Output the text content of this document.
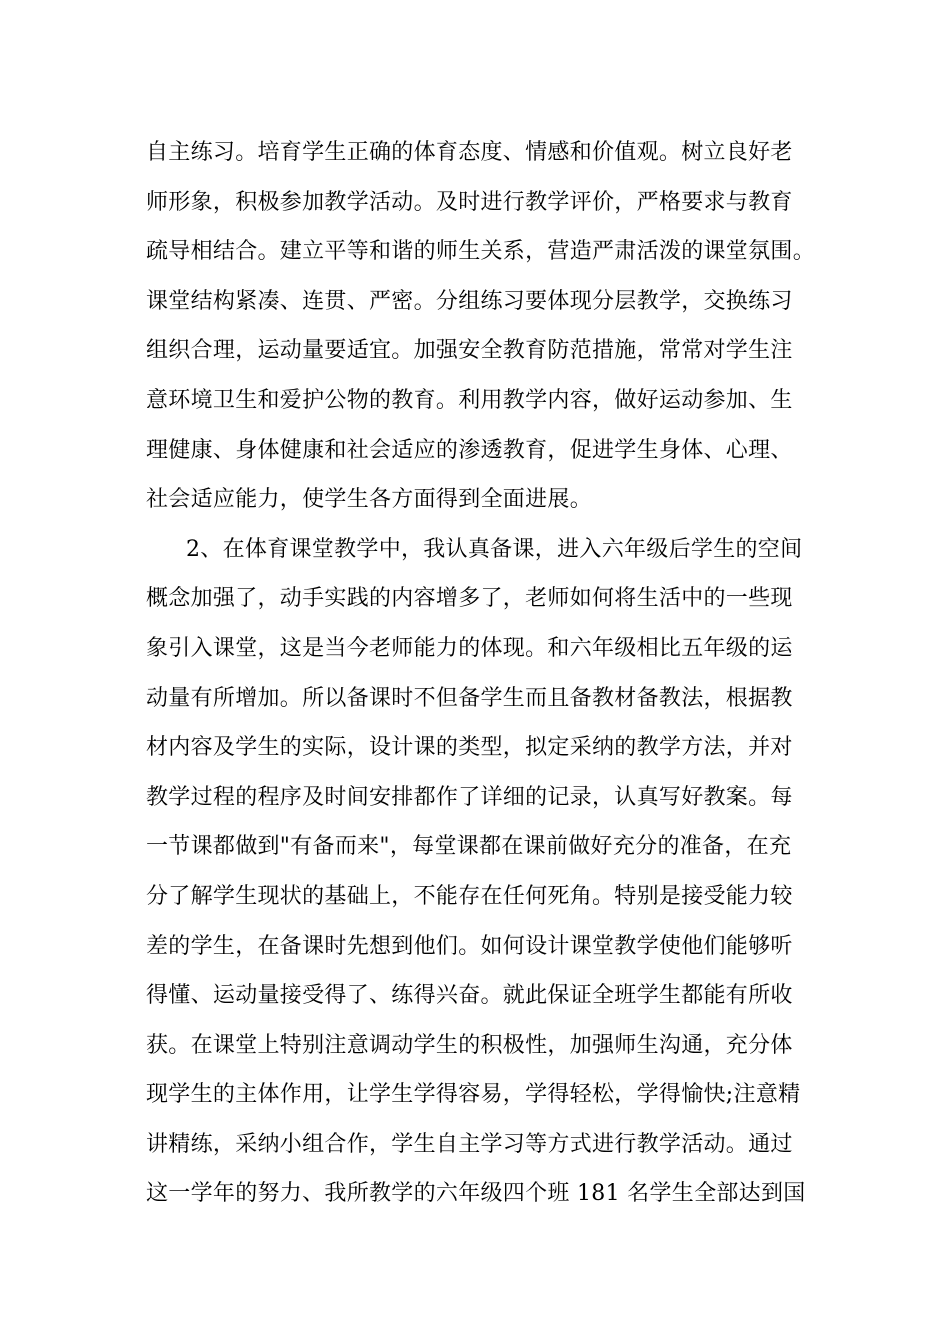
自主练习。培育学生正确的体育态度、情感和价值观。树立良好老
师形象，积极参加教学活动。及时进行教学评价，严格要求与教育
疏导相结合。建立平等和谐的师生关系，营造严肃活泼的课堂氛围。
课堂结构紧凑、连贯、严密。分组练习要体现分层教学，交换练习
组织合理，运动量要适宜。加强安全教育防范措施，常常对学生注
意环境卫生和爱护公物的教育。利用教学内容，做好运动参加、生
理健康、身体健康和社会适应的渗透教育，促进学生身体、心理、
社会适应能力，使学生各方面得到全面进展。
2、在体育课堂教学中，我认真备课，进入六年级后学生的空间
概念加强了，动手实践的内容增多了，老师如何将生活中的一些现
象引入课堂，这是当今老师能力的体现。和六年级相比五年级的运
动量有所增加。所以备课时不但备学生而且备教材备教法，根据教
材内容及学生的实际，设计课的类型，拟定采纳的教学方法，并对
教学过程的程序及时间安排都作了详细的记录，认真写好教案。每
一节课都做到"有备而来"，每堂课都在课前做好充分的准备，在充
分了解学生现状的基础上，不能存在任何死角。特别是接受能力较
差的学生，在备课时先想到他们。如何设计课堂教学使他们能够听
得懂、运动量接受得了、练得兴奋。就此保证全班学生都能有所收
获。在课堂上特别注意调动学生的积极性，加强师生沟通，充分体
现学生的主体作用，让学生学得容易，学得轻松，学得愉快;注意精
讲精练，采纳小组合作，学生自主学习等方式进行教学活动。通过
这一学年的努力、我所教学的六年级四个班 181 名学生全部达到国
